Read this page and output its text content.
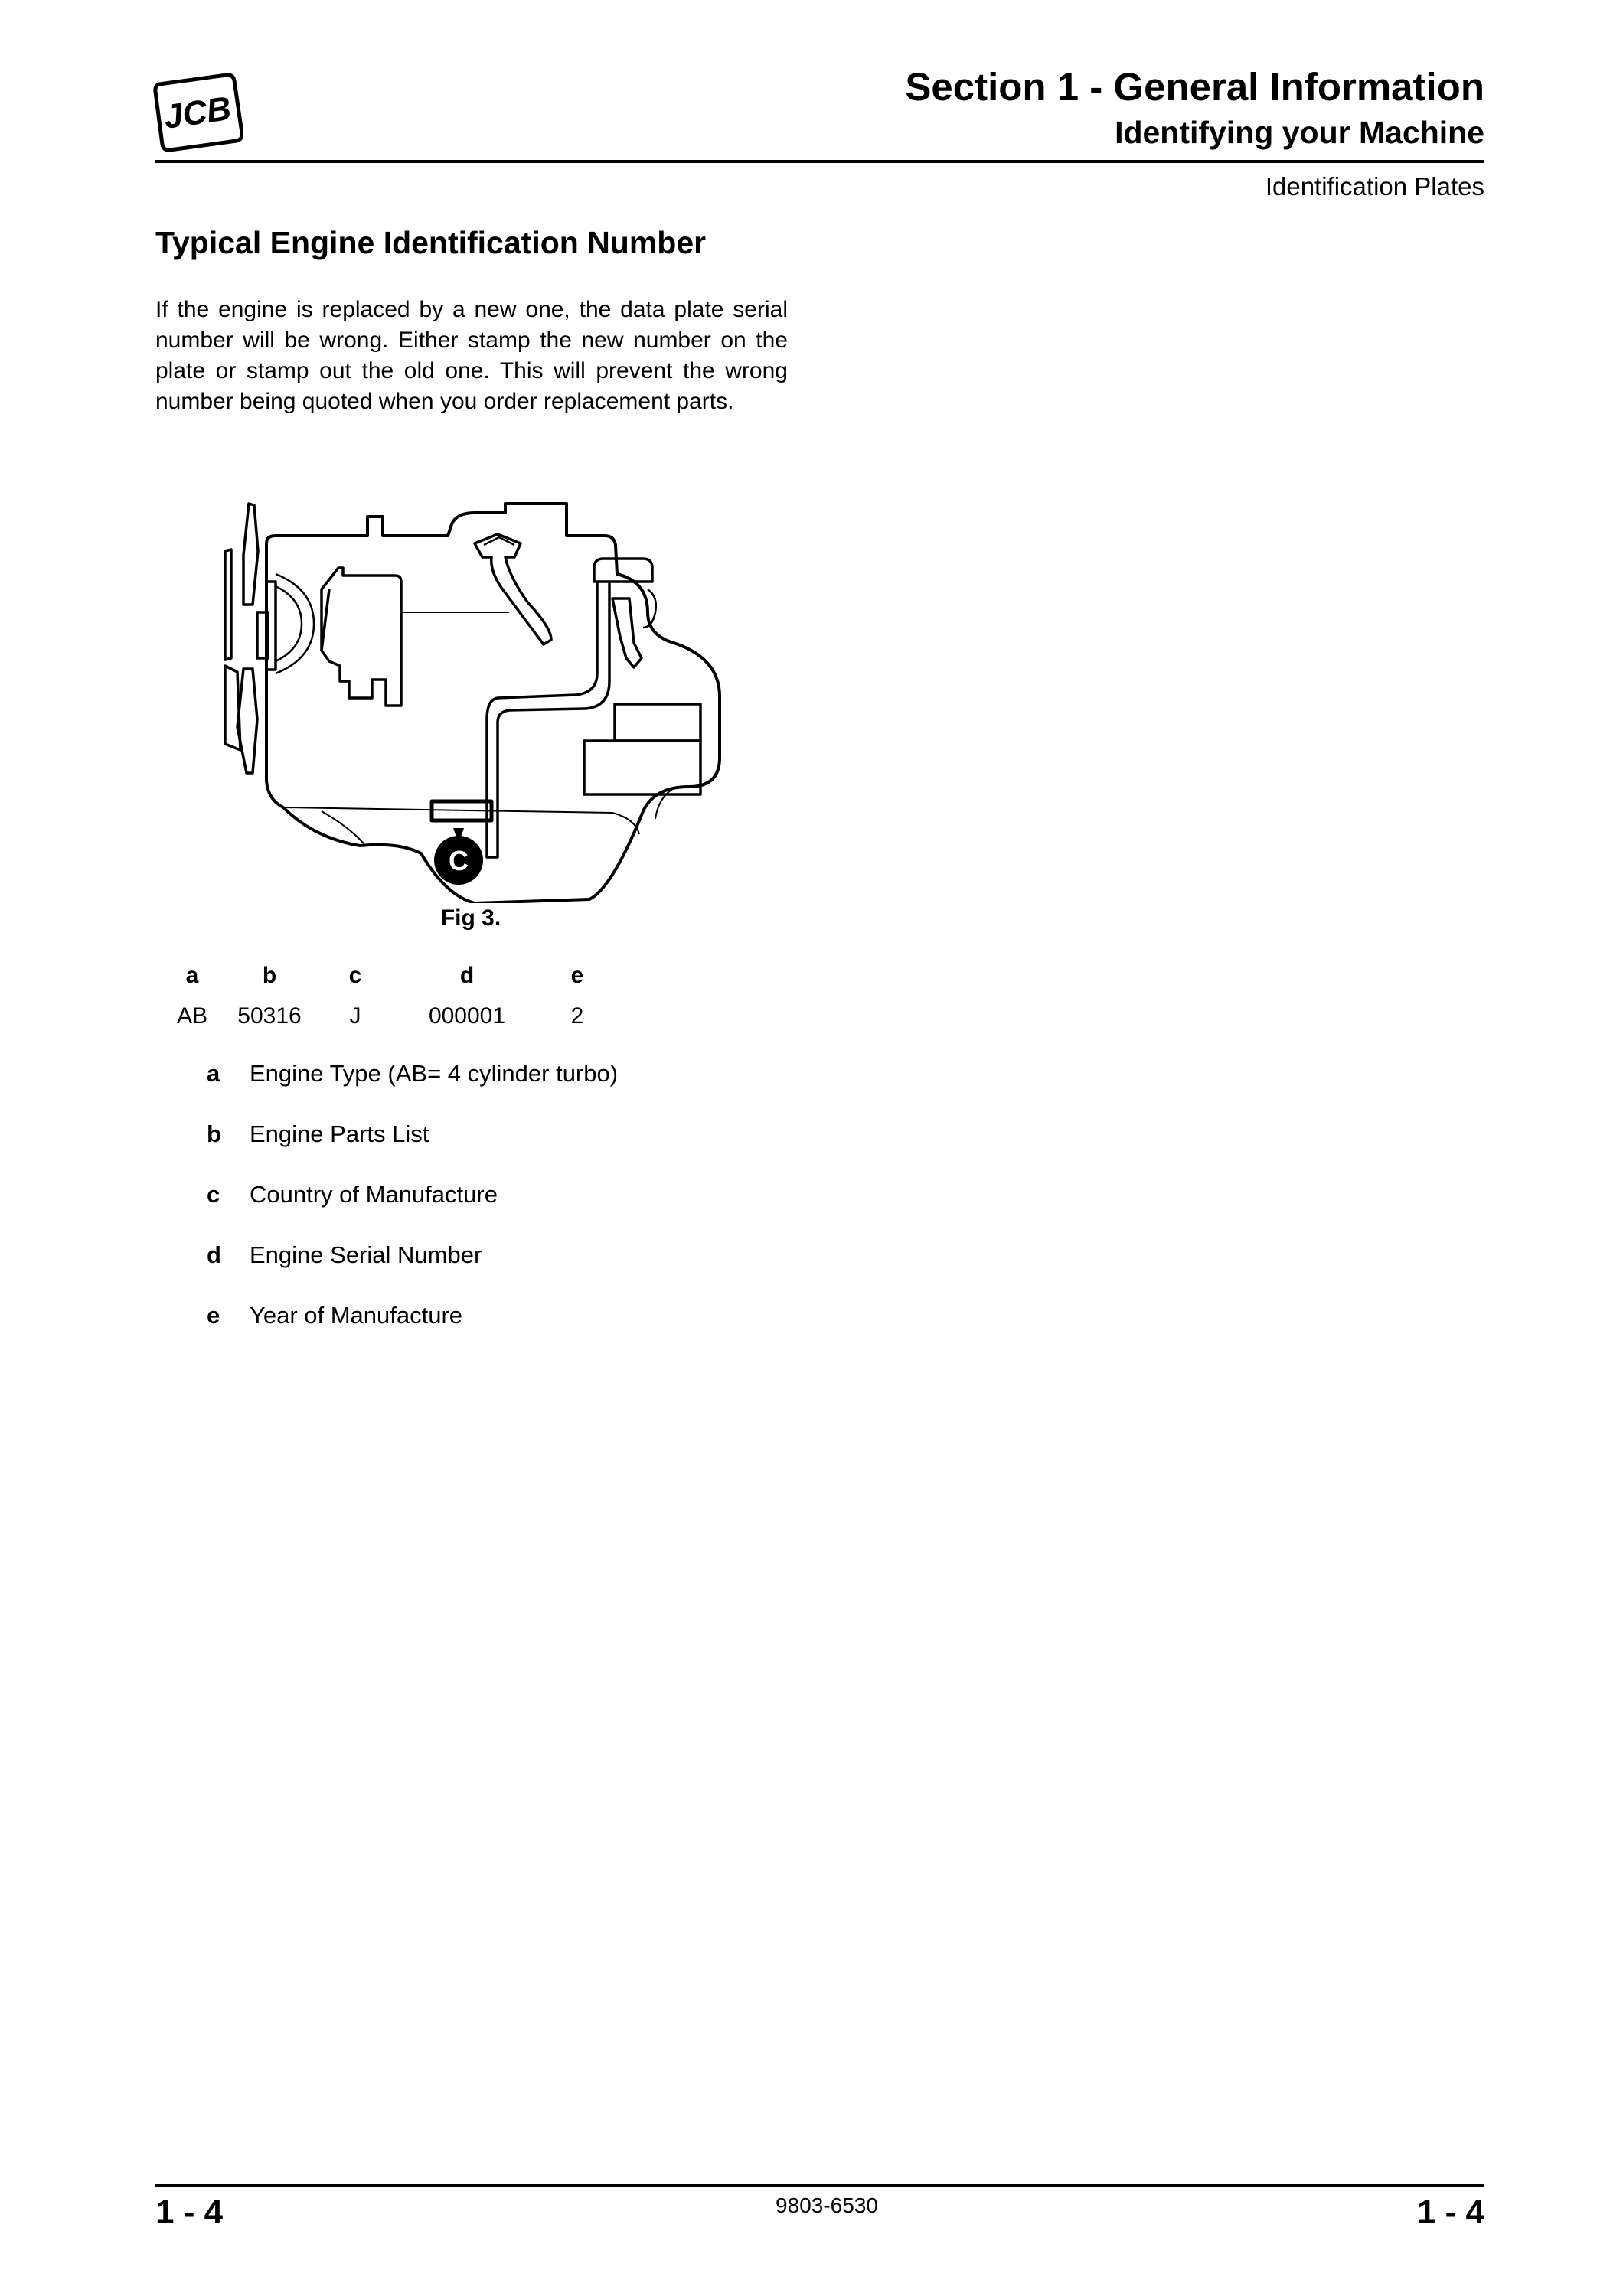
JCB
Section 1 - General Information
Identifying your Machine
Identification Plates
Typical Engine Identification Number

If the engine is replaced by a new one, the data plate serial number will be wrong. Either stamp the new number on the plate or stamp out the old one. This will prevent the wrong number being quoted when you order replacement parts.

C
Fig 3.
a	b	c	d	e
AB	50316	J	000001	2
a	Engine Type (AB= 4 cylinder turbo)
b	Engine Parts List
c	Country of Manufacture
d	Engine Serial Number
e	Year of Manufacture
1 - 4	9803-6530	1 - 4
